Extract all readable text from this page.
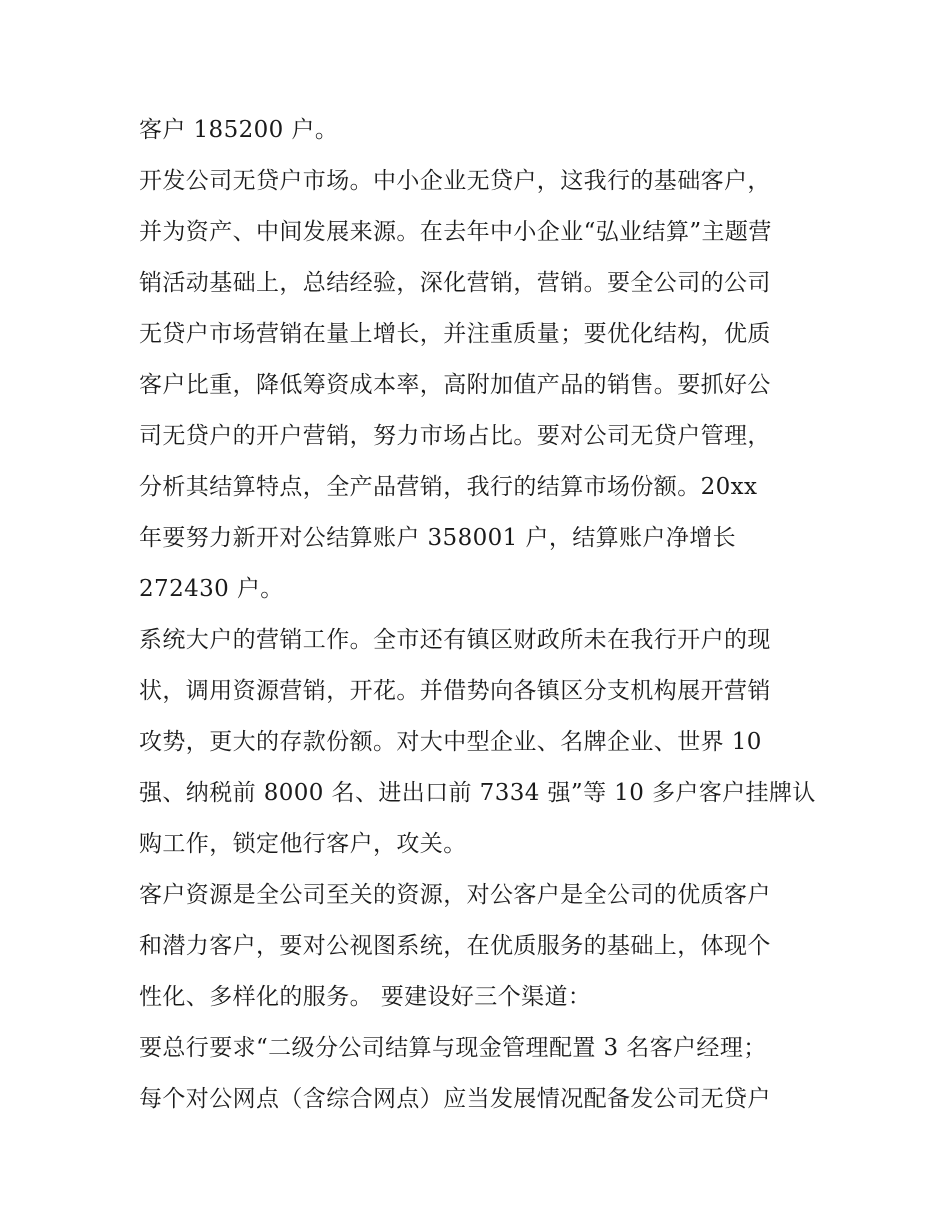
客户 185200 户。
开发公司无贷户市场。中小企业无贷户，这我行的基础客户，
并为资产、中间发展来源。在去年中小企业“弘业结算”主题营
销活动基础上，总结经验，深化营销，营销。要全公司的公司
无贷户市场营销在量上增长，并注重质量；要优化结构，优质
客户比重，降低筹资成本率，高附加值产品的销售。要抓好公
司无贷户的开户营销，努力市场占比。要对公司无贷户管理，
分析其结算特点，全产品营销，我行的结算市场份额。20xx
年要努力新开对公结算账户 358001 户，结算账户净增长
272430 户。
系统大户的营销工作。全市还有镇区财政所未在我行开户的现
状，调用资源营销，开花。并借势向各镇区分支机构展开营销
攻势，更大的存款份额。对大中型企业、名牌企业、世界 10
强、纳税前 8000 名、进出口前 7334 强”等 10 多户客户挂牌认
购工作，锁定他行客户，攻关。
客户资源是全公司至关的资源，对公客户是全公司的优质客户
和潜力客户，要对公视图系统，在优质服务的基础上，体现个
性化、多样化的服务。 要建设好三个渠道：
要总行要求“二级分公司结算与现金管理配置 3 名客户经理；
每个对公网点（含综合网点）应当发展情况配备发公司无贷户
